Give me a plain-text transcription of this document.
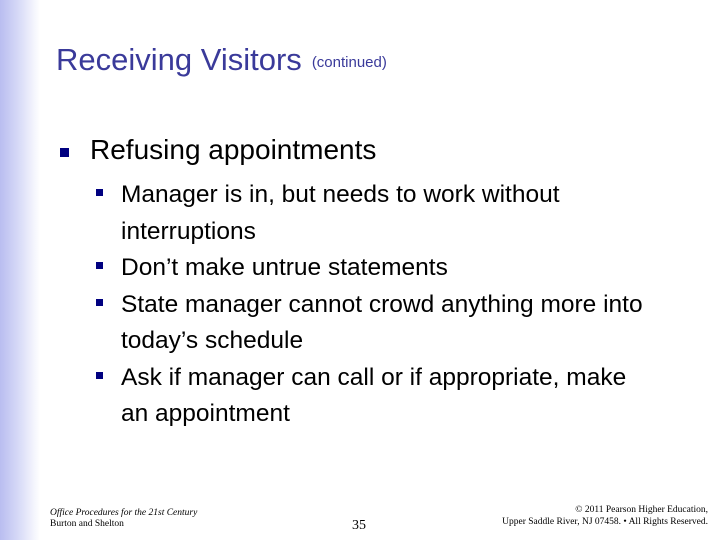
Receiving Visitors (continued)
Refusing appointments
Manager is in, but needs to work without interruptions
Don’t make untrue statements
State manager cannot crowd anything more into today’s schedule
Ask if manager can call or if appropriate, make an appointment
Office Procedures for the 21st Century
Burton and Shelton	35
© 2011 Pearson Higher Education,
Upper Saddle River, NJ 07458. • All Rights Reserved.
